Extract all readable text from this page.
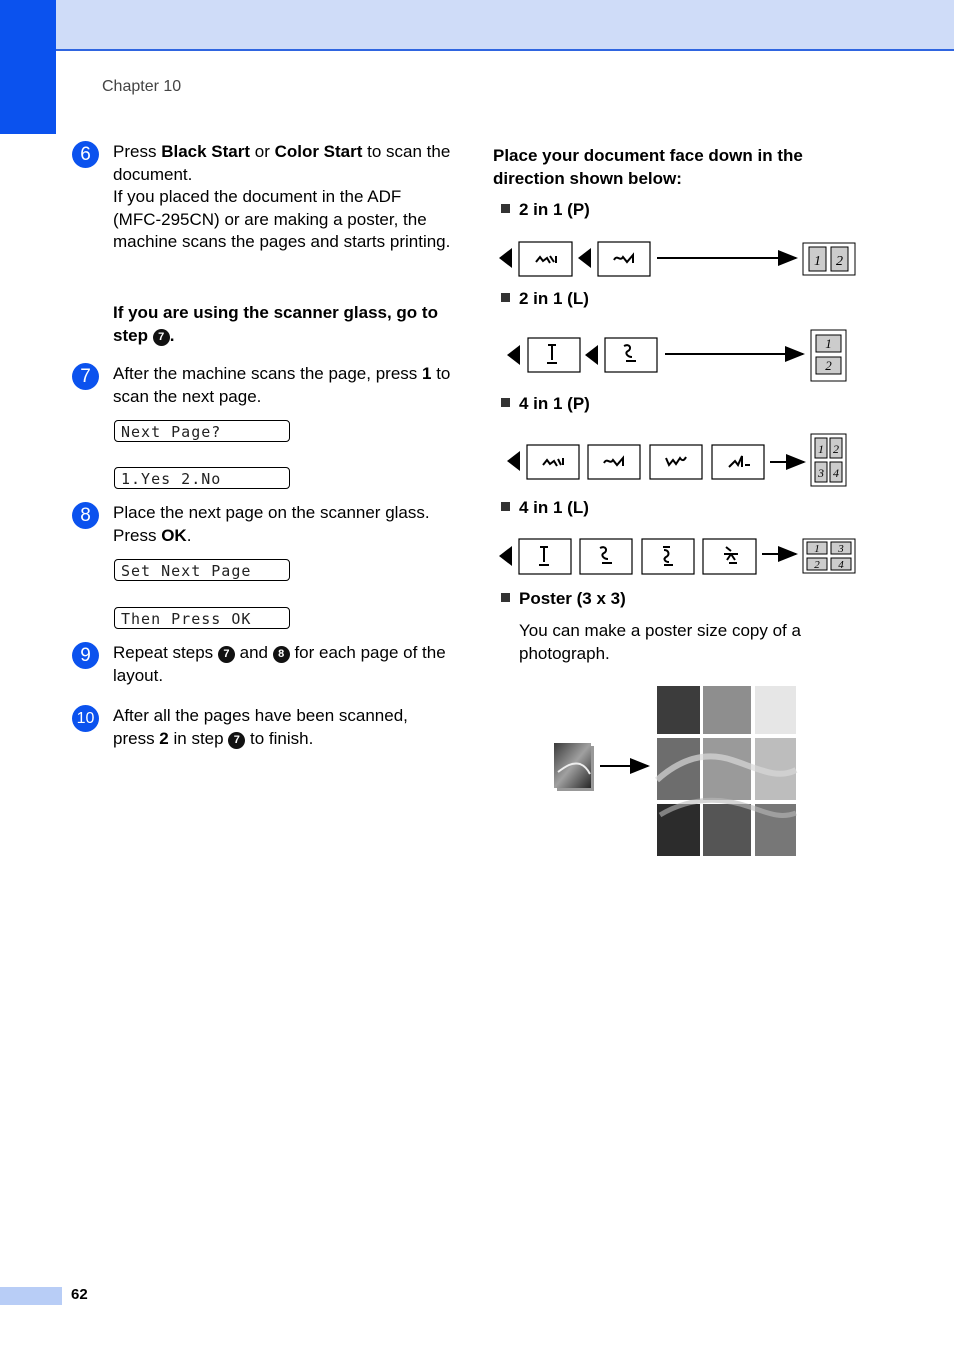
Chapter 10
6	Press Black Start or Color Start to scan the document.
If you placed the document in the ADF (MFC-295CN) or are making a poster, the machine scans the pages and starts printing.
If you are using the scanner glass, go to step 7 .
7	After the machine scans the page, press 1 to scan the next page.
Next Page?
1.Yes 2.No
8	Place the next page on the scanner glass. Press OK.
Set Next Page
Then Press OK
9	Repeat steps 7 and 8 for each page of the layout.
10 After all the pages have been scanned, press 2 in step 7 to finish.
Place your document face down in the direction shown below:
2 in 1 (P)
2 in 1 (L)
4 in 1 (P)
4 in 1 (L)
Poster (3 x 3)
You can make a poster size copy of a photograph.
1 2
1
2
1 2
3 4
1 3
2 4
62
